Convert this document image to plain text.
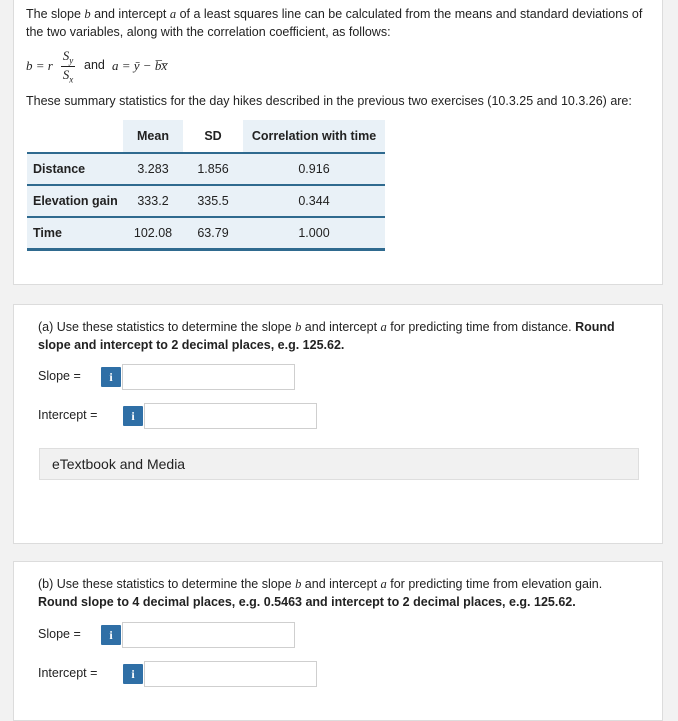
The slope b and intercept a of a least squares line can be calculated from the means and standard deviations of

the two variables, along with the correlation coefficient, as follows:

b = r
$S_y$
$S_x$
and a = ȳ − b̅x̅

These summary statistics for the day hikes described in the previous two exercises (10.3.25 and 10.3.26) are:

	Mean	SD	Correlation with time
Distance	3.283	1.856	0.916
Elevation gain	333.2	335.5	0.344
Time	102.08	63.79	1.000

(a) Use these statistics to determine the slope b and intercept a for predicting time from distance. Round
slope and intercept to 2 decimal places, e.g. 125.62.

Slope =	i
Intercept =	i
eTextbook and Media

(b) Use these statistics to determine the slope b and intercept a for predicting time from elevation gain.
Round slope to 4 decimal places, e.g. 0.5463 and intercept to 2 decimal places, e.g. 125.62.

Slope =	i
Intercept =	i
